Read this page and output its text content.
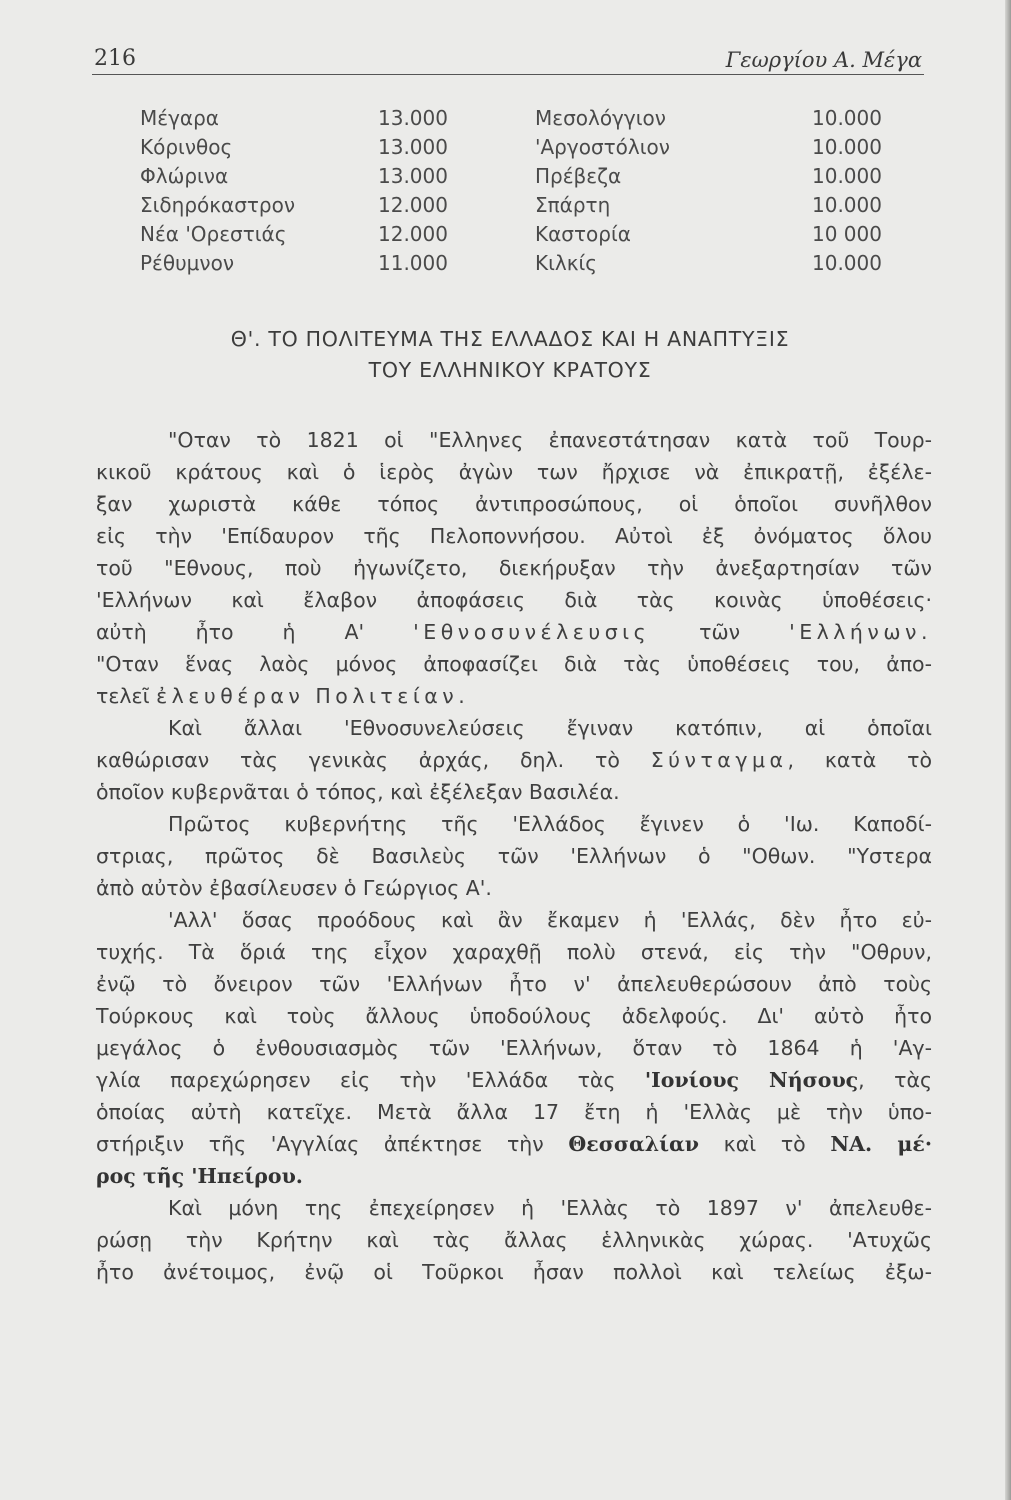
216	Γεωργίου Α. Μέγα
Μέγαρα	13.000	Μεσολόγγιον	10.000
Κόρινθος	13.000	'Αργοστόλιον	10.000
Φλώρινα	13.000	Πρέβεζα	10.000
Σιδηρόκαστρον	12.000	Σπάρτη	10.000
Νέα 'Ορεστιάς	12.000	Καστορία	10 000
Ρέθυμνον	11.000	Κιλκίς	10.000
Θ'. ΤΟ ΠΟΛΙΤΕΥΜΑ ΤΗΣ ΕΛΛΑΔΟΣ ΚΑΙ Η ΑΝΑΠΤΥΞΙΣ
ΤΟΥ ΕΛΛΗΝΙΚΟΥ ΚΡΑΤΟΥΣ
"Οταν τὸ 1821 οἱ "Ελληνες ἐπανεστάτησαν κατὰ τοῦ Τουρ-
κικοῦ κράτους καὶ ὁ ἱερὸς ἀγὼν των ἤρχισε νὰ ἐπικρατῇ, ἐξέλε-
ξαν χωριστὰ κάθε τόπος ἀντιπροσώπους, οἱ ὁποῖοι συνῆλθον
εἰς τὴν 'Επίδαυρον τῆς Πελοποννήσου. Αὐτοὶ ἐξ ὀνόματος ὅλου
τοῦ "Εθνους, ποὺ ἠγωνίζετο, διεκήρυξαν τὴν ἀνεξαρτησίαν τῶν
'Ελλήνων καὶ ἔλαβον ἀποφάσεις διὰ τὰς κοινὰς ὑποθέσεις·
αὐτὴ ἦτο ἡ Α' 'Εθνοσυνέλευσις τῶν 'Ελλήνων.
"Οταν ἕνας λαὸς μόνος ἀποφασίζει διὰ τὰς ὑποθέσεις του, ἀπο-
τελεῖ ἐλευθέραν Πολιτείαν.
Καὶ ἄλλαι 'Εθνοσυνελεύσεις ἔγιναν κατόπιν, αἱ ὁποῖαι
καθώρισαν τὰς γενικὰς ἀρχάς, δηλ. τὸ Σύνταγμα, κατὰ τὸ
ὁποῖον κυβερνᾶται ὁ τόπος, καὶ ἐξέλεξαν Βασιλέα.
Πρῶτος κυβερνήτης τῆς 'Ελλάδος ἔγινεν ὁ 'Ιω. Καποδί-
στριας, πρῶτος δὲ Βασιλεὺς τῶν 'Ελλήνων ὁ "Οθων. "Υστερα
ἀπὸ αὐτὸν ἐβασίλευσεν ὁ Γεώργιος Α'.
'Αλλ' ὅσας προόδους καὶ ἂν ἔκαμεν ἡ 'Ελλάς, δὲν ἦτο εὐ-
τυχής. Τὰ ὅριά της εἶχον χαραχθῇ πολὺ στενά, εἰς τὴν "Οθρυν,
ἐνῷ τὸ ὄνειρον τῶν 'Ελλήνων ἦτο ν' ἀπελευθερώσουν ἀπὸ τοὺς
Τούρκους καὶ τοὺς ἄλλους ὑποδούλους ἀδελφούς. Δι' αὐτὸ ἦτο
μεγάλος ὁ ἐνθουσιασμὸς τῶν 'Ελλήνων, ὅταν τὸ 1864 ἡ 'Αγ-
γλία παρεχώρησεν εἰς τὴν 'Ελλάδα τὰς 'Ιονίους Νήσους, τὰς
ὁποίας αὐτὴ κατεῖχε. Μετὰ ἄλλα 17 ἔτη ἡ 'Ελλὰς μὲ τὴν ὑπο-
στήριξιν τῆς 'Αγγλίας ἀπέκτησε τὴν Θεσσαλίαν καὶ τὸ ΝΑ. μέ·
ρος τῆς 'Ηπείρου.
Καὶ μόνη της ἐπεχείρησεν ἡ 'Ελλὰς τὸ 1897 ν' ἀπελευθε-
ρώσῃ τὴν Κρήτην καὶ τὰς ἄλλας ἑλληνικὰς χώρας. 'Ατυχῶς
ἦτο ἀνέτοιμος, ἐνῷ οἱ Τοῦρκοι ἦσαν πολλοὶ καὶ τελείως ἐξω-
